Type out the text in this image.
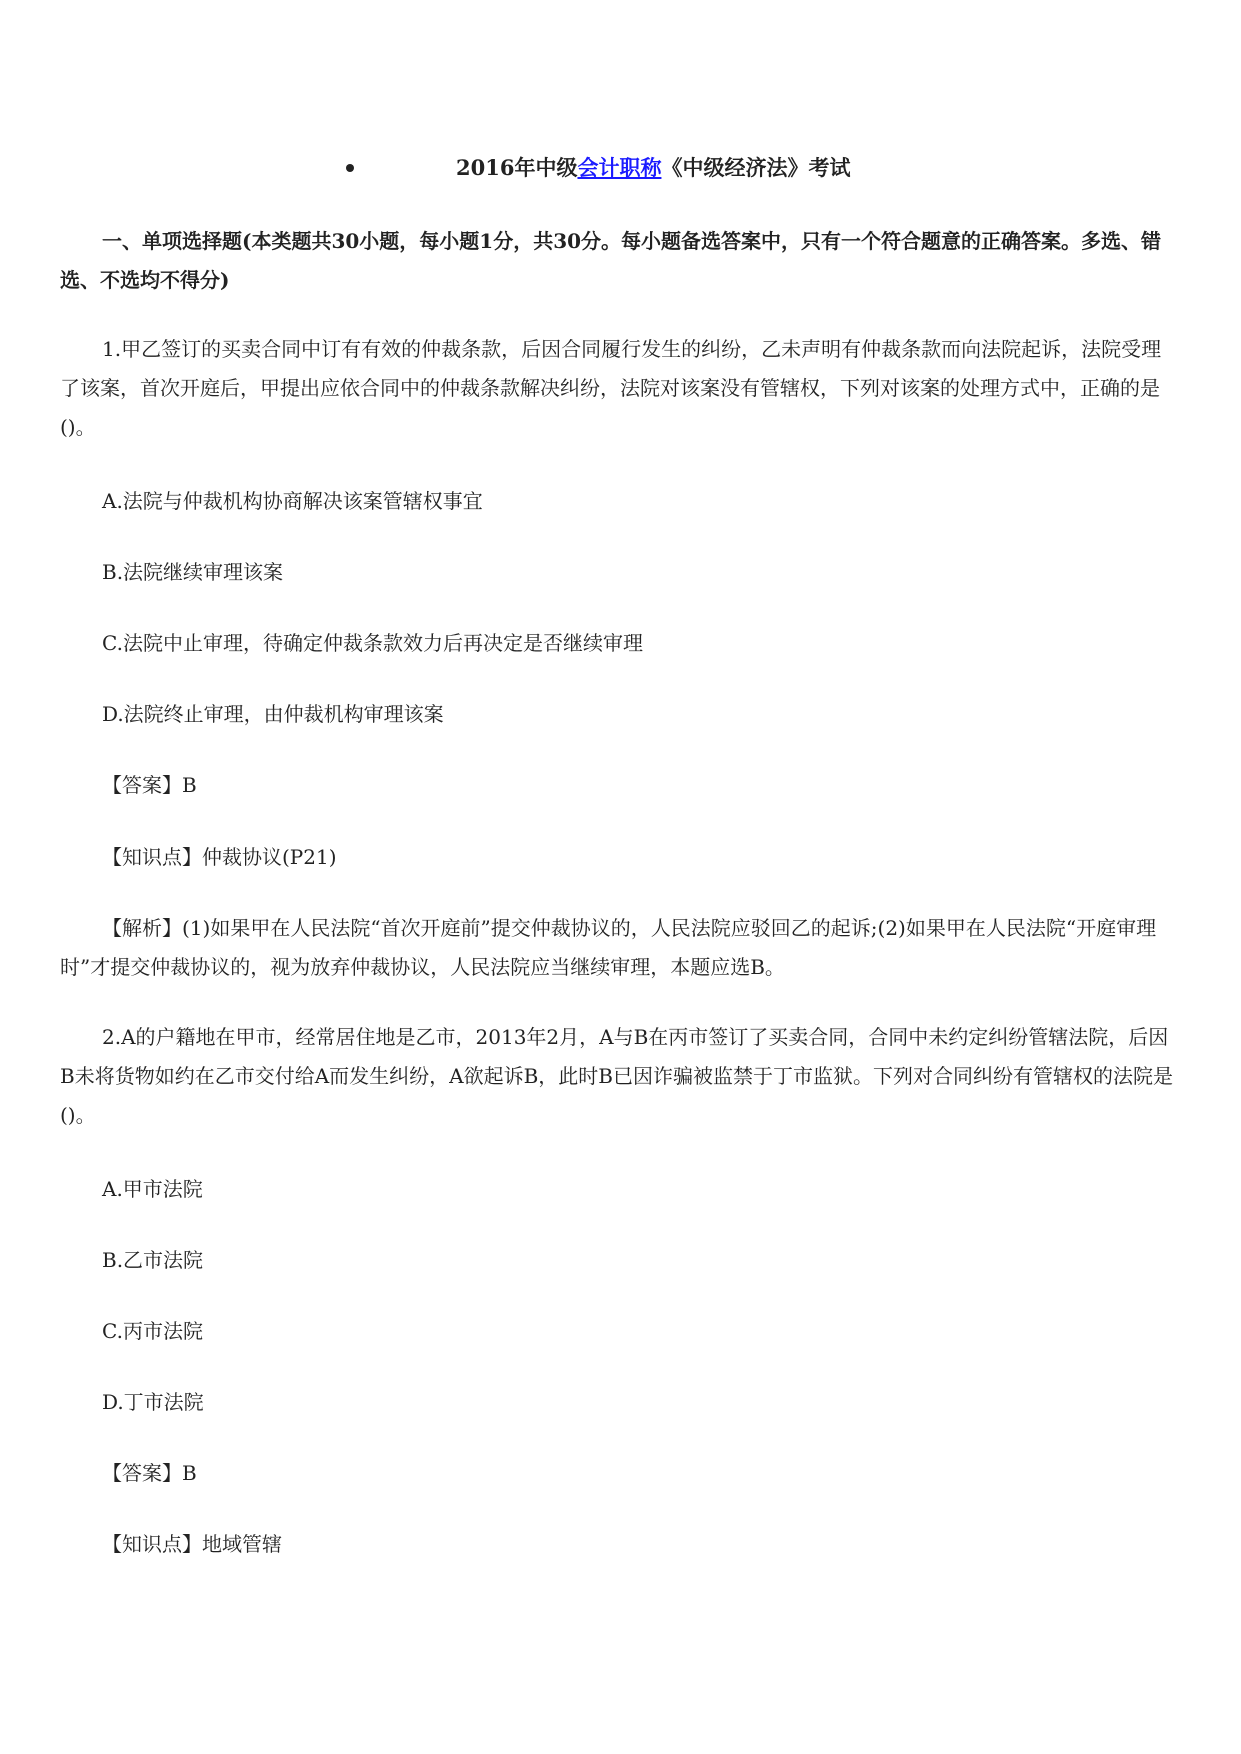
2016年中级会计职称《中级经济法》考试

一、单项选择题(本类题共30小题，每小题1分，共30分。每小题备选答案中，只有一个符合题意的正确答案。多选、错选、不选均不得分)

1.甲乙签订的买卖合同中订有有效的仲裁条款，后因合同履行发生的纠纷，乙未声明有仲裁条款而向法院起诉，法院受理了该案，首次开庭后，甲提出应依合同中的仲裁条款解决纠纷，法院对该案没有管辖权，下列对该案的处理方式中，正确的是()。

A.法院与仲裁机构协商解决该案管辖权事宜

B.法院继续审理该案

C.法院中止审理，待确定仲裁条款效力后再决定是否继续审理

D.法院终止审理，由仲裁机构审理该案

【答案】B

【知识点】仲裁协议(P21)

【解析】(1)如果甲在人民法院“首次开庭前”提交仲裁协议的，人民法院应驳回乙的起诉;(2)如果甲在人民法院“开庭审理时”才提交仲裁协议的，视为放弃仲裁协议，人民法院应当继续审理，本题应选B。

2.A的户籍地在甲市，经常居住地是乙市，2013年2月，A与B在丙市签订了买卖合同，合同中未约定纠纷管辖法院，后因B未将货物如约在乙市交付给A而发生纠纷，A欲起诉B，此时B已因诈骗被监禁于丁市监狱。下列对合同纠纷有管辖权的法院是()。

A.甲市法院

B.乙市法院

C.丙市法院

D.丁市法院

【答案】B

【知识点】地域管辖
